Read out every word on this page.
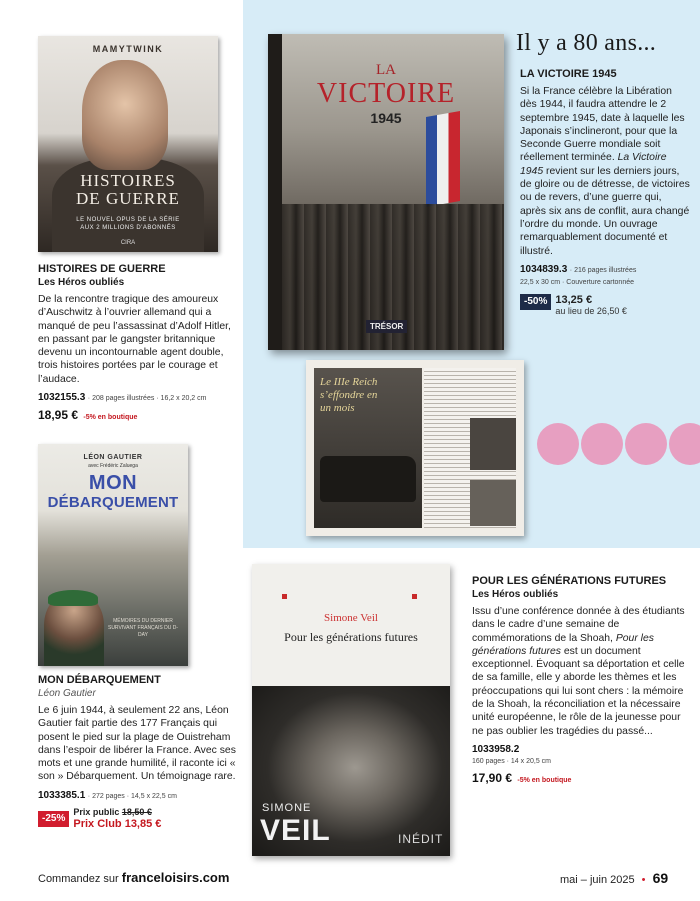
Il y a 80 ans...
MAMYTWINK
HISTOIRES
DE GUERRE
LE NOUVEL OPUS DE LA SÉRIE
AUX 2 MILLIONS D'ABONNÉS
CIRA
HISTOIRES DE GUERRE
Les Héros oubliés
De la rencontre tragique des amoureux d’Auschwitz à l’ouvrier allemand qui a manqué de peu l’assassinat d’Adolf Hitler, en passant par le gangster britannique devenu un incontournable agent double, trois histoires portées par le courage et l’audace.
1032155.3 · 208 pages illustrées · 16,2 x 20,2 cm
18,95 € -5% en boutique
LA
VICTOIRE
1945
TRÉSOR
Le IIIe Reich
s’effondre en
un mois
LA VICTOIRE 1945
Si la France célèbre la Libération dès 1944, il faudra attendre le 2 septembre 1945, date à laquelle les Japonais s’inclineront, pour que la Seconde Guerre mondiale soit réellement terminée. La Victoire 1945 revient sur les derniers jours, de gloire ou de détresse, de victoires ou de revers, d’une guerre qui, après six ans de conflit, aura changé l’ordre du monde. Un ouvrage remarquablement documenté et illustré.
1034839.3 · 216 pages illustrées
22,5 x 30 cm · Couverture cartonnée
-50% 13,25 €
au lieu de 26,50 €
LÉON GAUTIER
avec Frédéric Zaluega
MON
DÉBARQUEMENT
MÉMOIRES DU DERNIER SURVIVANT FRANÇAIS DU D-DAY
MON DÉBARQUEMENT
Léon Gautier
Le 6 juin 1944, à seulement 22 ans, Léon Gautier fait partie des 177 Français qui posent le pied sur la plage de Ouistreham dans l’espoir de libérer la France. Avec ses mots et une grande humilité, il raconte ici « son » Débarquement. Un témoignage rare.
1033385.1 · 272 pages · 14,5 x 22,5 cm
-25%
Prix public 18,50 €
Prix Club 13,85 €
Simone Veil
Pour les générations futures
SIMONE
VEIL	INÉDIT
POUR LES GÉNÉRATIONS FUTURES
Les Héros oubliés
Issu d’une conférence donnée à des étudiants dans le cadre d’une semaine de commémorations de la Shoah, Pour les générations futures est un document exceptionnel. Évoquant sa déportation et celle de sa famille, elle y aborde les thèmes et les préoccupations qui lui sont chers : la mémoire de la Shoah, la réconciliation et la nécessaire unité européenne, le rôle de la jeunesse pour ne pas oublier les tragédies du passé...
1033958.2
160 pages · 14 x 20,5 cm
17,90 € -5% en boutique
Commandez sur franceloisirs.com	mai – juin 2025 • 69
